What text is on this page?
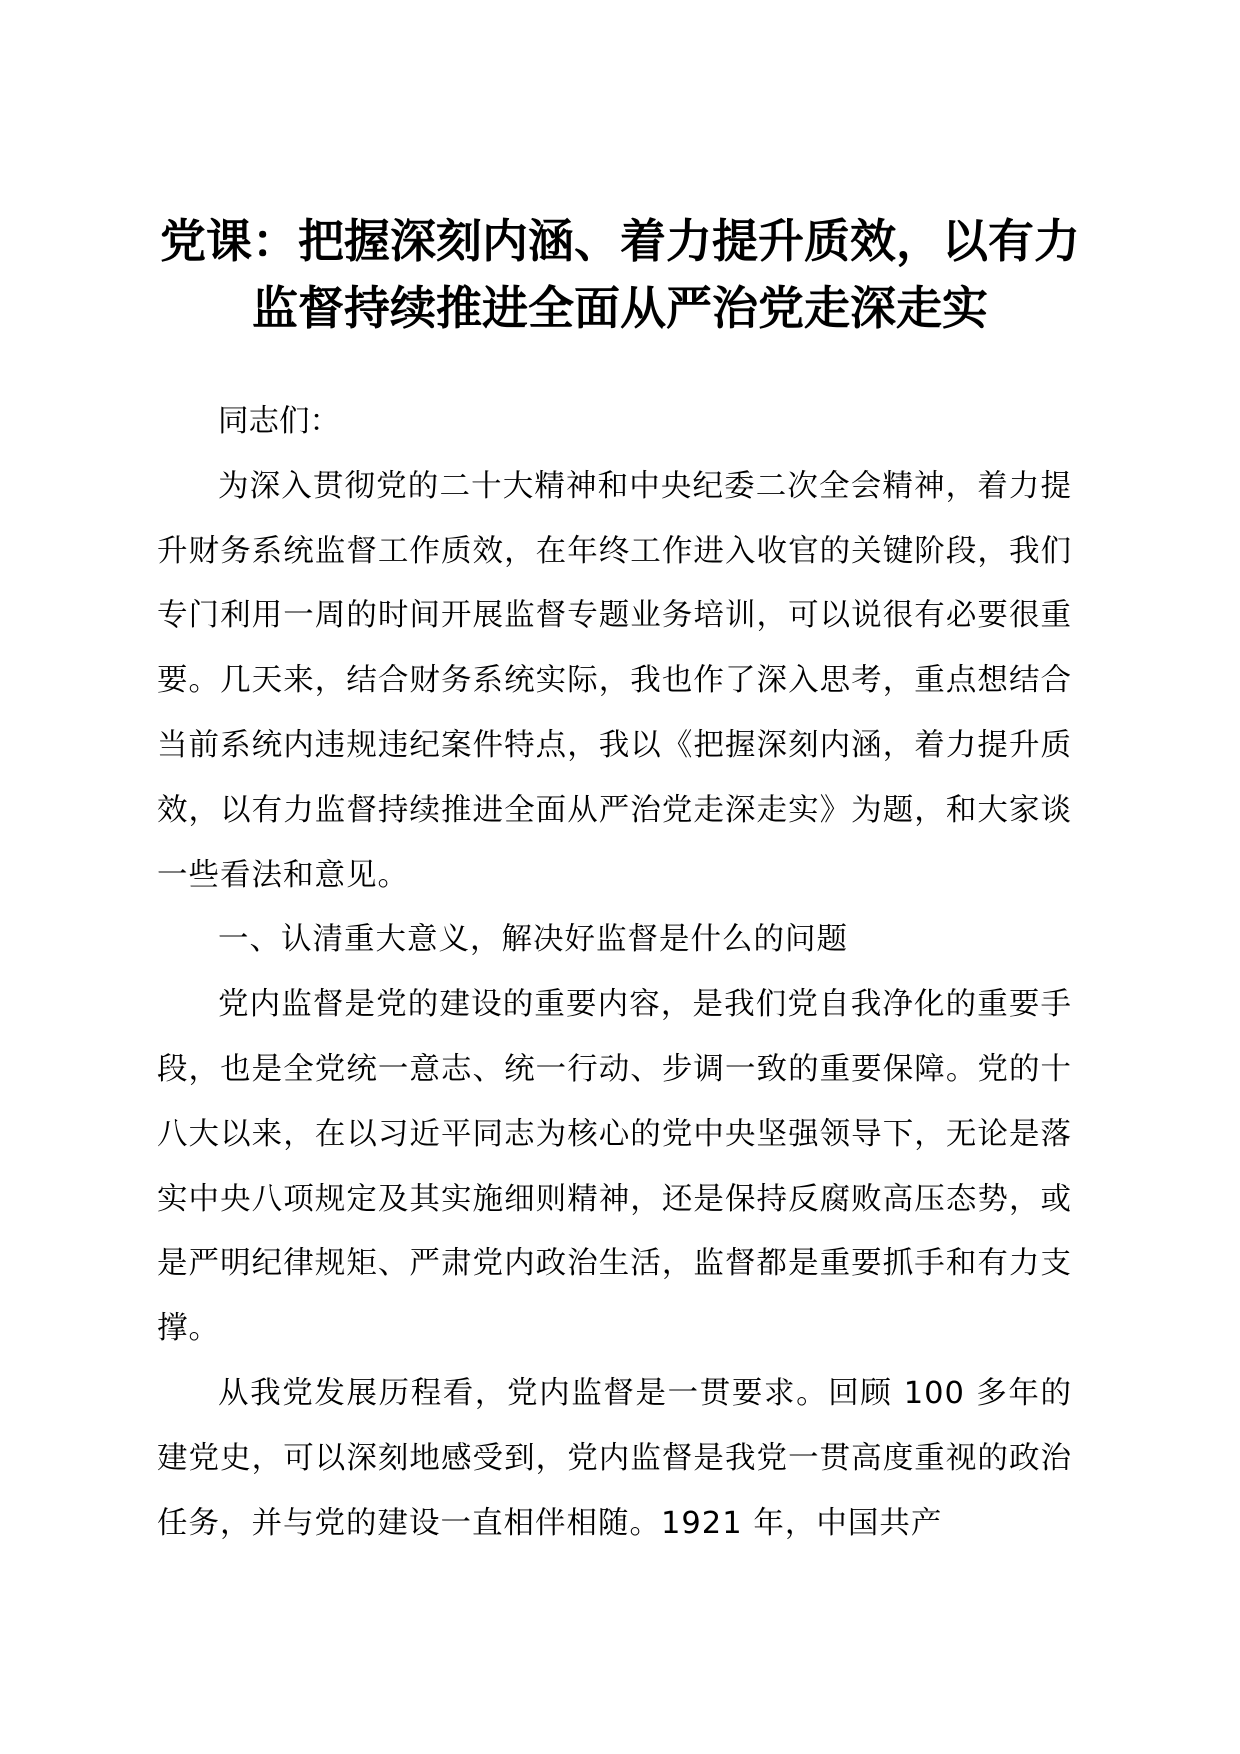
党课：把握深刻内涵、着力提升质效，以有力
监督持续推进全面从严治党走深走实

同志们：

为深入贯彻党的二十大精神和中央纪委二次全会精神，着力提升财务系统监督工作质效，在年终工作进入收官的关键阶段，我们专门利用一周的时间开展监督专题业务培训，可以说很有必要很重要。几天来，结合财务系统实际，我也作了深入思考，重点想结合当前系统内违规违纪案件特点，我以《把握深刻内涵，着力提升质效，以有力监督持续推进全面从严治党走深走实》为题，和大家谈一些看法和意见。

一、认清重大意义，解决好监督是什么的问题

党内监督是党的建设的重要内容，是我们党自我净化的重要手段，也是全党统一意志、统一行动、步调一致的重要保障。党的十八大以来，在以习近平同志为核心的党中央坚强领导下，无论是落实中央八项规定及其实施细则精神，还是保持反腐败高压态势，或是严明纪律规矩、严肃党内政治生活，监督都是重要抓手和有力支撑。

从我党发展历程看，党内监督是一贯要求。回顾 100 多年的建党史，可以深刻地感受到，党内监督是我党一贯高度重视的政治任务，并与党的建设一直相伴相随。1921 年，中国共产
